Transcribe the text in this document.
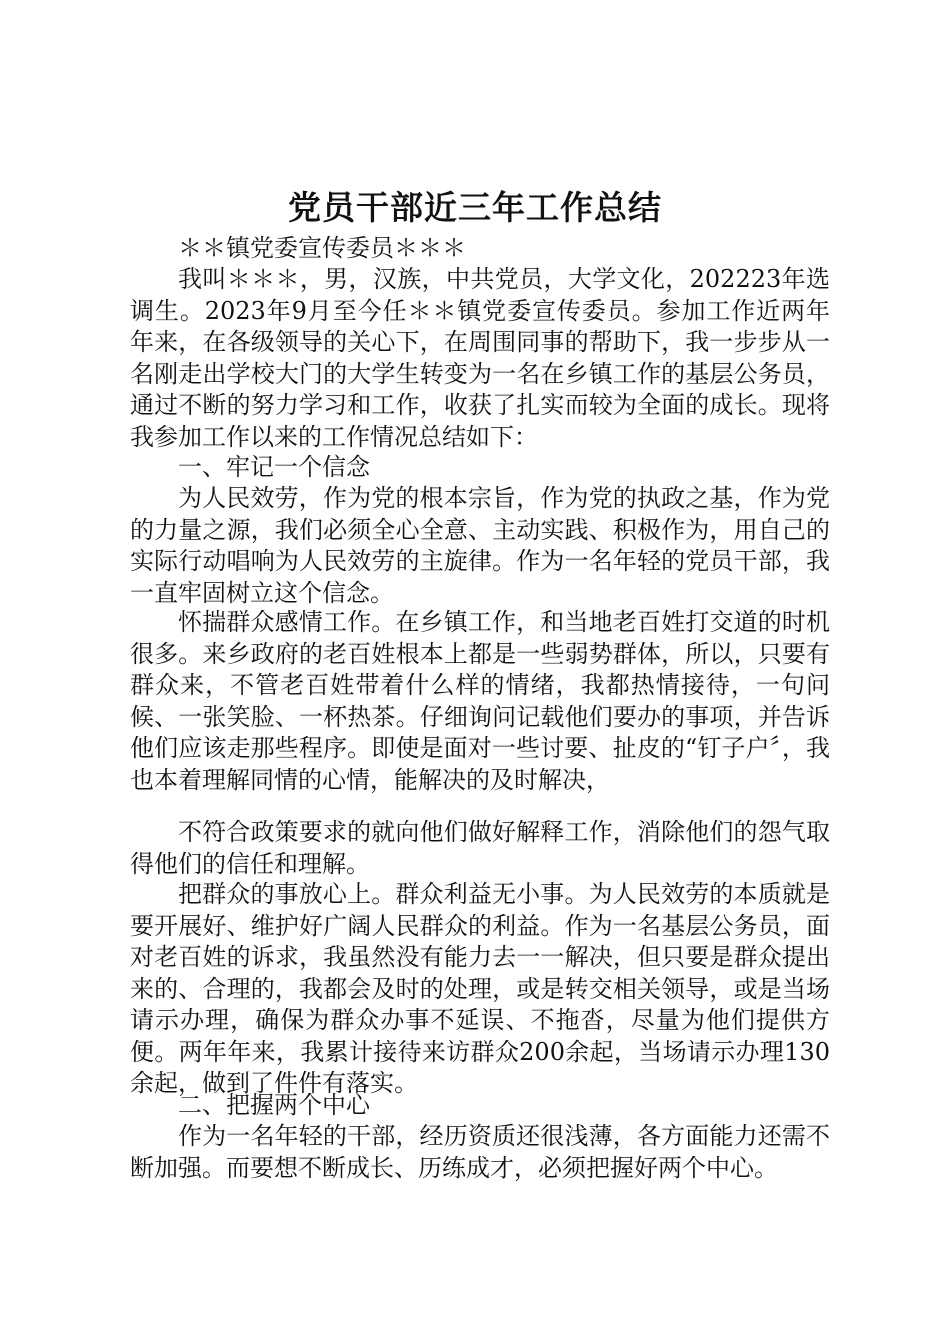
党员干部近三年工作总结

＊＊镇党委宣传委员＊＊＊

我叫＊＊＊，男，汉族，中共党员，大学文化，202223年选调生。2023年9月至今任＊＊镇党委宣传委员。参加工作近两年年来，在各级领导的关心下，在周围同事的帮助下，我一步步从一名刚走出学校大门的大学生转变为一名在乡镇工作的基层公务员，通过不断的努力学习和工作，收获了扎实而较为全面的成长。现将我参加工作以来的工作情况总结如下：

一、牢记一个信念

为人民效劳，作为党的根本宗旨，作为党的执政之基，作为党的力量之源，我们必须全心全意、主动实践、积极作为，用自己的实际行动唱响为人民效劳的主旋律。作为一名年轻的党员干部，我一直牢固树立这个信念。

怀揣群众感情工作。在乡镇工作，和当地老百姓打交道的时机很多。来乡政府的老百姓根本上都是一些弱势群体，所以，只要有群众来，不管老百姓带着什么样的情绪，我都热情接待，一句问候、一张笑脸、一杯热茶。仔细询问记载他们要办的事项，并告诉他们应该走那些程序。即使是面对一些讨要、扯皮的“钉子户〞，我也本着理解同情的心情，能解决的及时解决，

不符合政策要求的就向他们做好解释工作，消除他们的怨气取得他们的信任和理解。

把群众的事放心上。群众利益无小事。为人民效劳的本质就是要开展好、维护好广阔人民群众的利益。作为一名基层公务员，面对老百姓的诉求，我虽然没有能力去一一解决，但只要是群众提出来的、合理的，我都会及时的处理，或是转交相关领导，或是当场请示办理，确保为群众办事不延误、不拖沓，尽量为他们提供方便。两年年来，我累计接待来访群众200余起，当场请示办理130余起，做到了件件有落实。

二、把握两个中心

作为一名年轻的干部，经历资质还很浅薄，各方面能力还需不断加强。而要想不断成长、历练成才，必须把握好两个中心。
